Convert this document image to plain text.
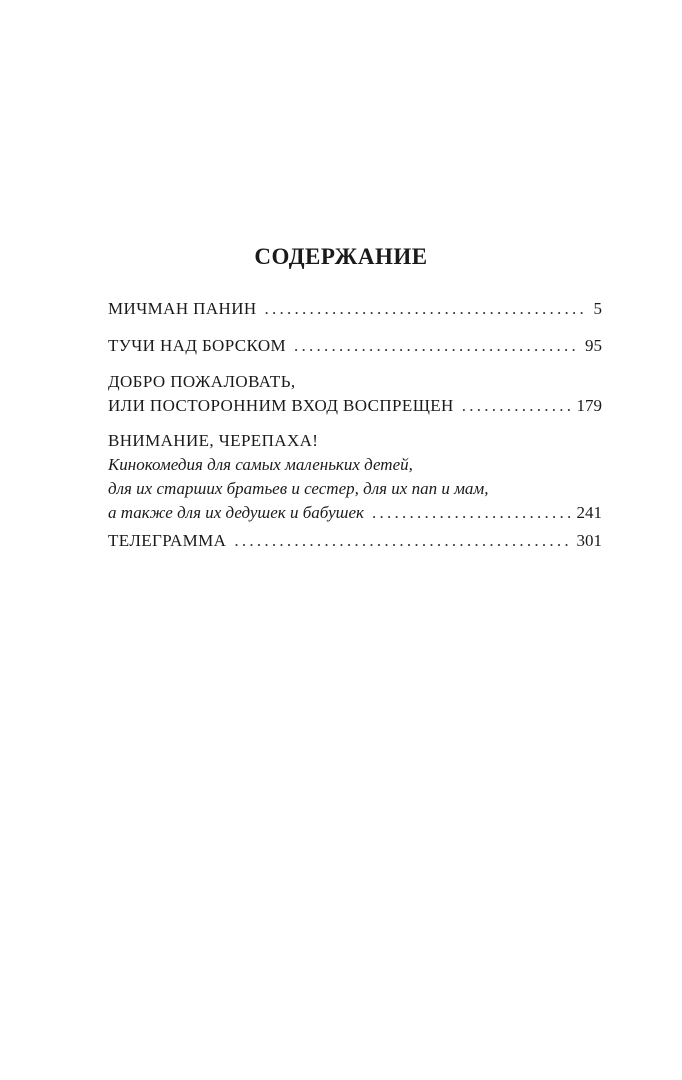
СОДЕРЖАНИЕ
МИЧМАН ПАНИН . . .	5
ТУЧИ НАД БОРСКОМ . . .	95
ДОБРО ПОЖАЛОВАТЬ,
ИЛИ ПОСТОРОННИМ ВХОД ВОСПРЕЩЕН . . .	179
ВНИМАНИЕ, ЧЕРЕПАХА!
Кинокомедия для самых маленьких детей,
для их старших братьев и сестер, для их пап и мам,
а также для их дедушек и бабушек . . .	241
ТЕЛЕГРАММА . . .	301
